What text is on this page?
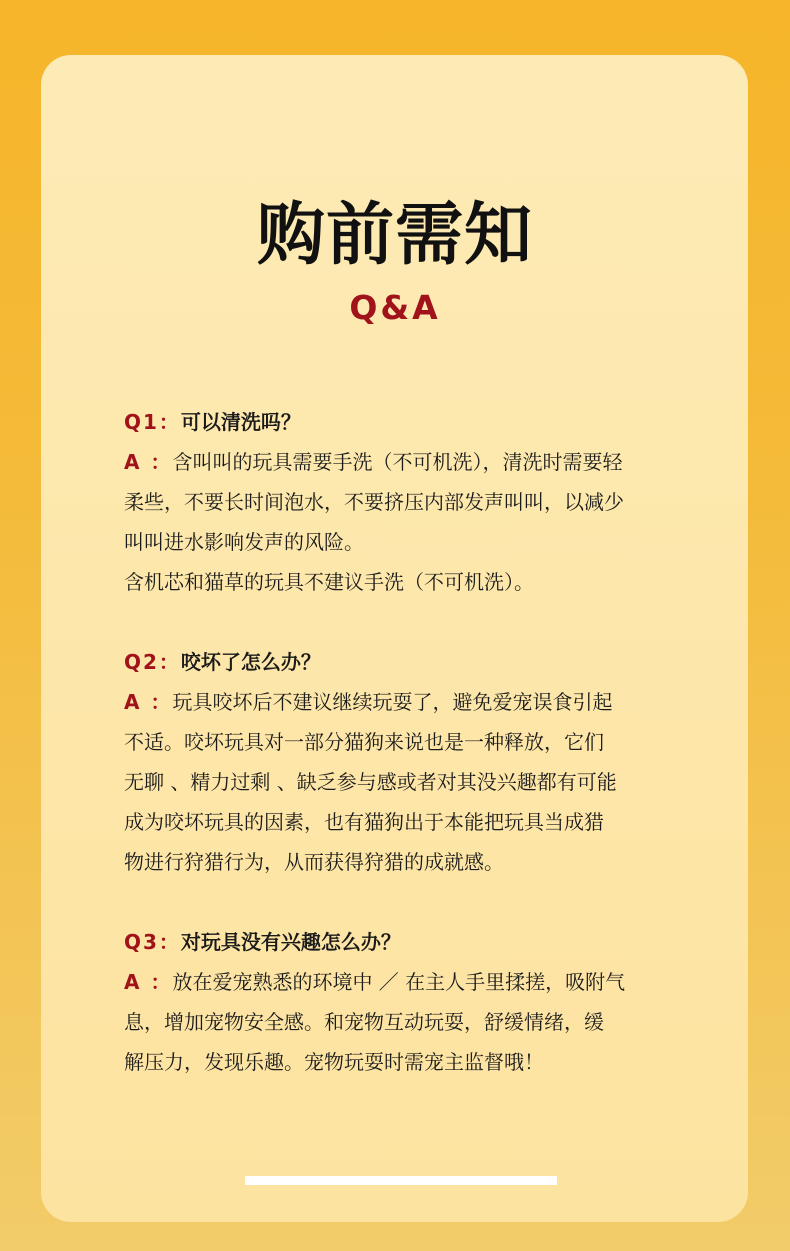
购前需知
Q&A
Q1：可以清洗吗？
A ：含叫叫的玩具需要手洗（不可机洗），清洗时需要轻
柔些，不要长时间泡水，不要挤压内部发声叫叫，以减少
叫叫进水影响发声的风险。
含机芯和猫草的玩具不建议手洗（不可机洗）。
Q2：咬坏了怎么办？
A ：玩具咬坏后不建议继续玩耍了，避免爱宠误食引起
不适。咬坏玩具对一部分猫狗来说也是一种释放，它们
无聊 、精力过剩 、缺乏参与感或者对其没兴趣都有可能
成为咬坏玩具的因素，也有猫狗出于本能把玩具当成猎
物进行狩猎行为，从而获得狩猎的成就感。
Q3：对玩具没有兴趣怎么办？
A ：放在爱宠熟悉的环境中 ／ 在主人手里揉搓，吸附气
息，增加宠物安全感。和宠物互动玩耍，舒缓情绪，缓
解压力，发现乐趣。宠物玩耍时需宠主监督哦！
